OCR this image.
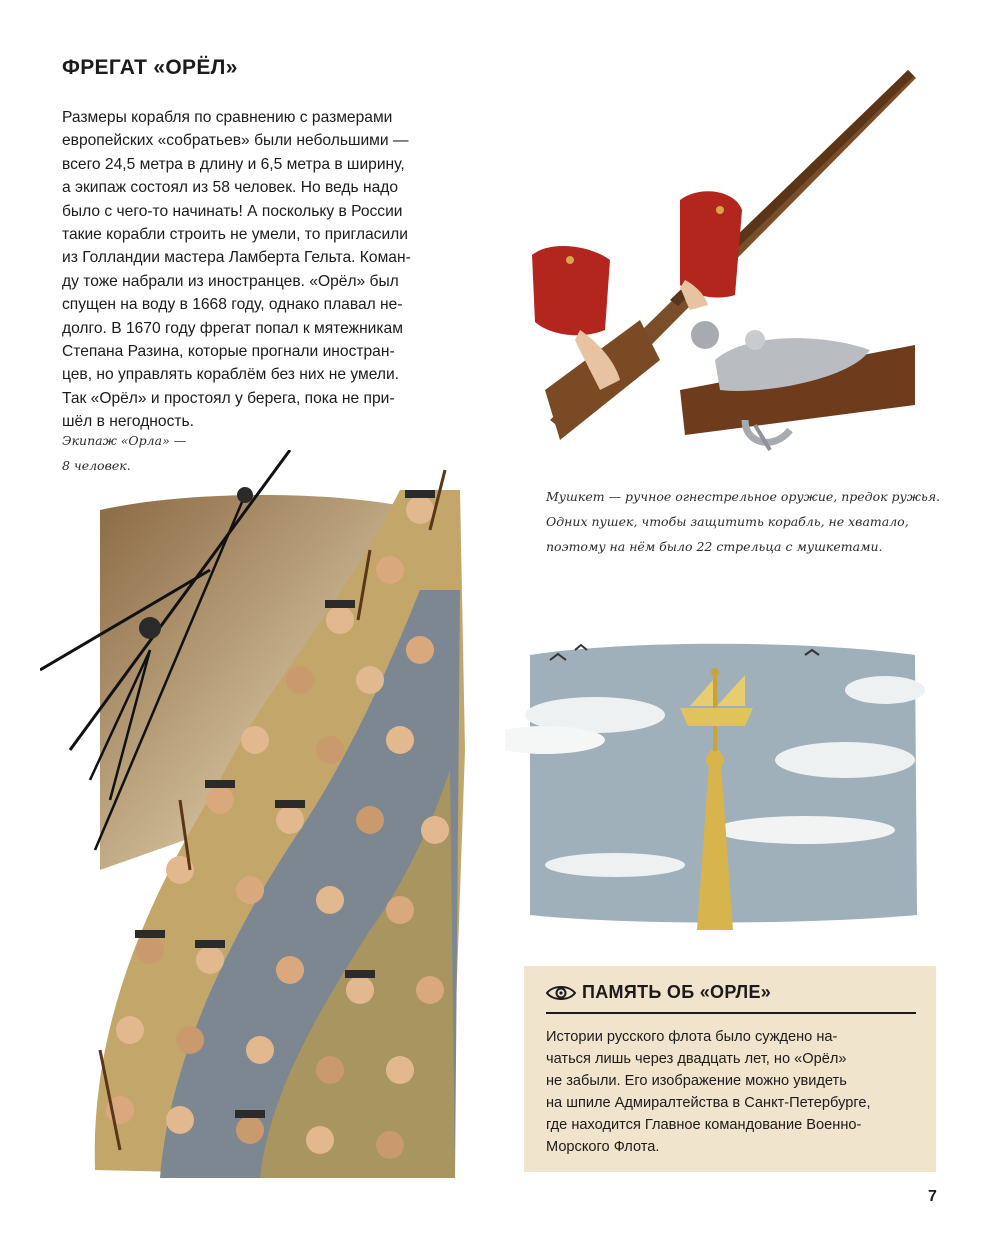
ФРЕГАТ «ОРЁЛ»
Размеры корабля по сравнению с размерами
европейских «собратьев» были небольшими —
всего 24,5 метра в длину и 6,5 метра в ширину,
а экипаж состоял из 58 человек. Но ведь надо
было с чего-то начинать! А поскольку в России
такие корабли строить не умели, то пригласили
из Голландии мастера Ламберта Гельта. Коман-
ду тоже набрали из иностранцев. «Орёл» был
спущен на воду в 1668 году, однако плавал не-
долго. В 1670 году фрегат попал к мятежникам
Степана Разина, которые прогнали иностран-
цев, но управлять кораблём без них не умели.
Так «Орёл» и простоял у берега, пока не при-
шёл в негодность.
Экипаж «Орла» —
8 человек.
Мушкет — ручное огнестрельное оружие, предок ружья.
Одних пушек, чтобы защитить корабль, не хватало,
поэтому на нём было 22 стрельца с мушкетами.
ПАМЯТЬ ОБ «ОРЛЕ»
Истории русского флота было суждено на-
чаться лишь через двадцать лет, но «Орёл»
не забыли. Его изображение можно увидеть
на шпиле Адмиралтейства в Санкт-Петербурге,
где находится Главное командование Военно-
Морского Флота.
7
